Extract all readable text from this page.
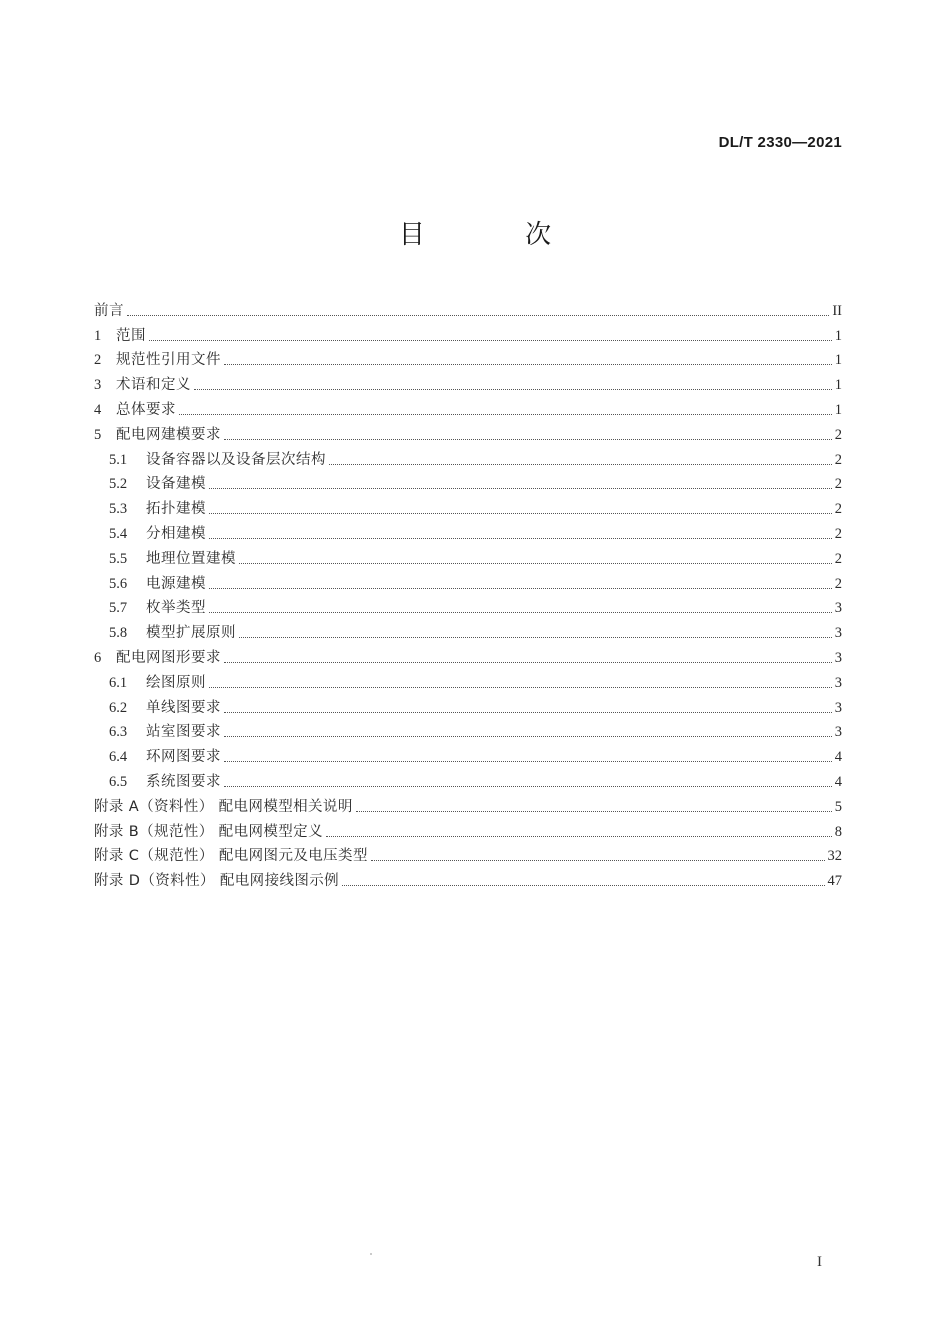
DL/T 2330—2021
目 次
前言	II
1	范围	1
2	规范性引用文件	1
3	术语和定义	1
4	总体要求	1
5	配电网建模要求	2
5.1	设备容器以及设备层次结构	2
5.2	设备建模	2
5.3	拓扑建模	2
5.4	分相建模	2
5.5	地理位置建模	2
5.6	电源建模	2
5.7	枚举类型	3
5.8	模型扩展原则	3
6	配电网图形要求	3
6.1	绘图原则	3
6.2	单线图要求	3
6.3	站室图要求	3
6.4	环网图要求	4
6.5	系统图要求	4
附录 A（资料性） 配电网模型相关说明	5
附录 B（规范性） 配电网模型定义	8
附录 C（规范性） 配电网图元及电压类型	32
附录 D（资料性） 配电网接线图示例	47
I
